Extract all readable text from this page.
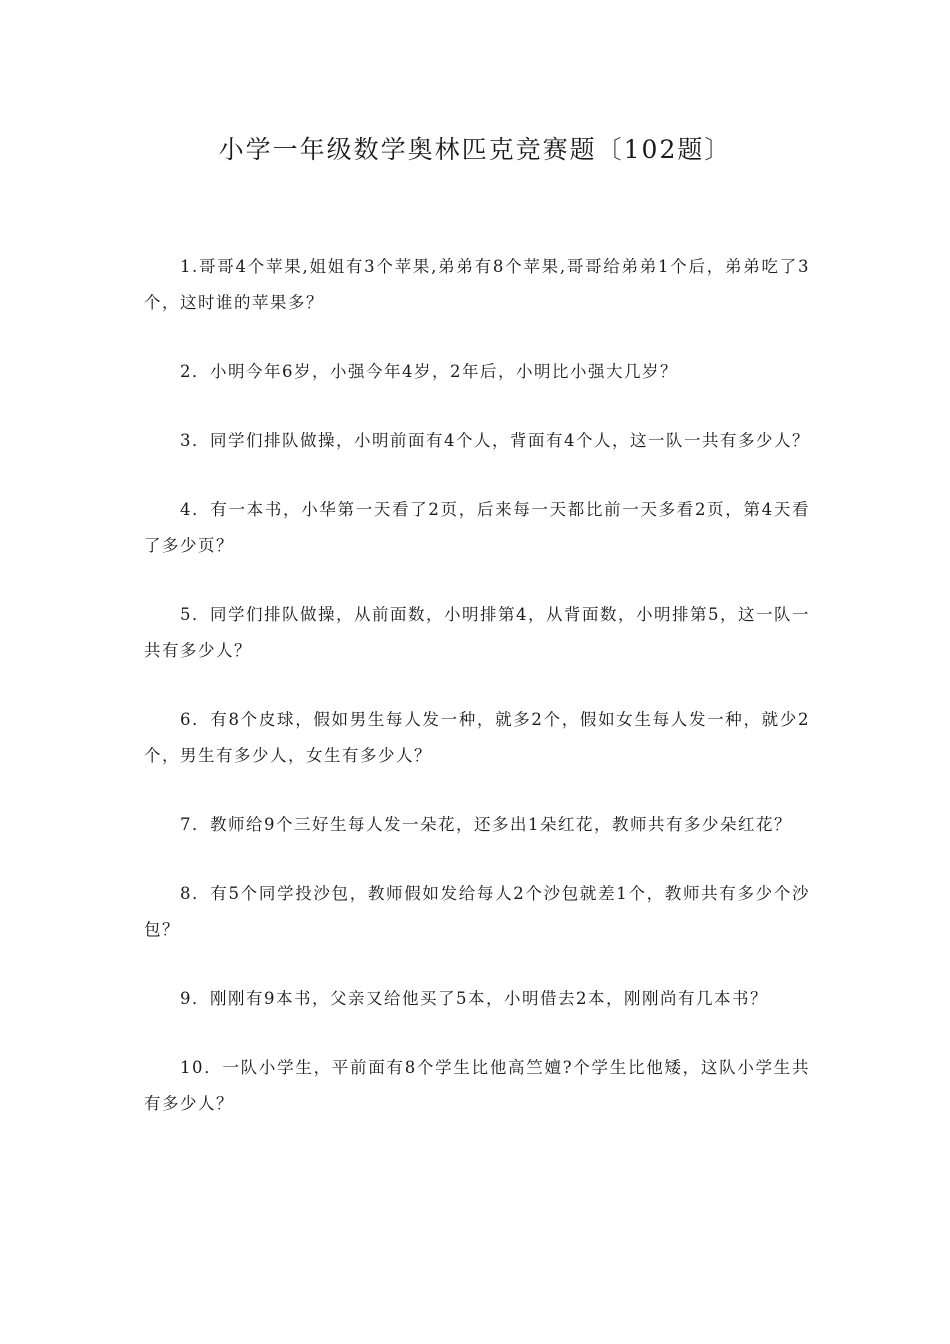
小学一年级数学奥林匹克竞赛题〔102题〕

1.哥哥4个苹果,姐姐有3个苹果,弟弟有8个苹果,哥哥给弟弟1个后，弟弟吃了3个，这时谁的苹果多？

2．小明今年6岁，小强今年4岁，2年后，小明比小强大几岁？

3．同学们排队做操，小明前面有4个人，背面有4个人，这一队一共有多少人？

4．有一本书，小华第一天看了2页，后来每一天都比前一天多看2页，第4天看了多少页？

5．同学们排队做操，从前面数，小明排第4，从背面数，小明排第5，这一队一共有多少人？

6．有8个皮球，假如男生每人发一种，就多2个，假如女生每人发一种，就少2个，男生有多少人，女生有多少人？

7．教师给9个三好生每人发一朵花，还多出1朵红花，教师共有多少朵红花？

8．有5个同学投沙包，教师假如发给每人2个沙包就差1个，教师共有多少个沙包？

9．刚刚有9本书，父亲又给他买了5本，小明借去2本，刚刚尚有几本书？

10．一队小学生，平前面有8个学生比他高竺嬗?个学生比他矮，这队小学生共有多少人？
